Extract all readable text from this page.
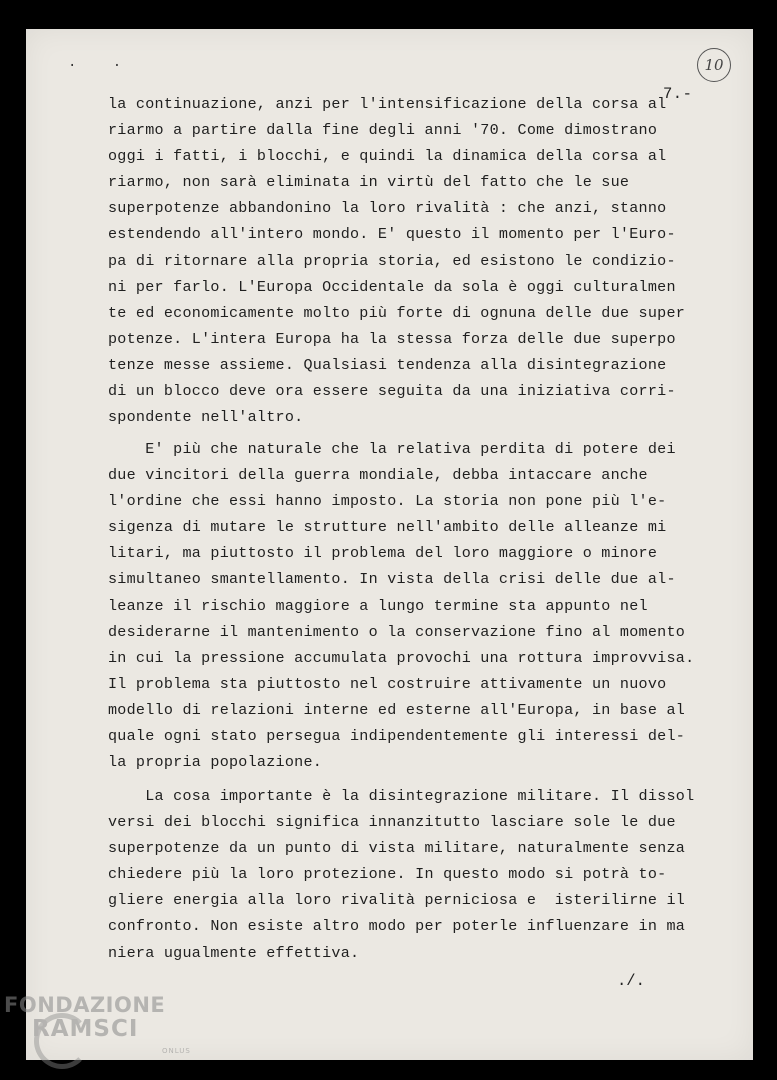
. .	10
7.-
la continuazione, anzi per l'intensificazione della corsa al
riarmo a partire dalla fine degli anni '70. Come dimostrano
oggi i fatti, i blocchi, e quindi la dinamica della corsa al
riarmo, non sarà eliminata in virtù del fatto che le sue
superpotenze abbandonino la loro rivalità : che anzi, stanno
estendendo all'intero mondo. E' questo il momento per l'Euro-
pa di ritornare alla propria storia, ed esistono le condizio-
ni per farlo. L'Europa Occidentale da sola è oggi culturalmen
te ed economicamente molto più forte di ognuna delle due super
potenze. L'intera Europa ha la stessa forza delle due superpo
tenze messe assieme. Qualsiasi tendenza alla disintegrazione
di un blocco deve ora essere seguita da una iniziativa corri-
spondente nell'altro.
E' più che naturale che la relativa perdita di potere dei
due vincitori della guerra mondiale, debba intaccare anche
l'ordine che essi hanno imposto. La storia non pone più l'e-
sigenza di mutare le strutture nell'ambito delle alleanze mi
litari, ma piuttosto il problema del loro maggiore o minore
simultaneo smantellamento. In vista della crisi delle due al-
leanze il rischio maggiore a lungo termine sta appunto nel
desiderarne il mantenimento o la conservazione fino al momento
in cui la pressione accumulata provochi una rottura improvvisa.
Il problema sta piuttosto nel costruire attivamente un nuovo
modello di relazioni interne ed esterne all'Europa, in base al
quale ogni stato persegua indipendentemente gli interessi del-
la propria popolazione.
La cosa importante è la disintegrazione militare. Il dissol
versi dei blocchi significa innanzitutto lasciare sole le due
superpotenze da un punto di vista militare, naturalmente senza
chiedere più la loro protezione. In questo modo si potrà to-
gliere energia alla loro rivalità perniciosa e  isterilirne il
confronto. Non esiste altro modo per poterle influenzare in ma
niera ugualmente effettiva.
./.
FONDAZIONE
RAMSCI
ONLUS
